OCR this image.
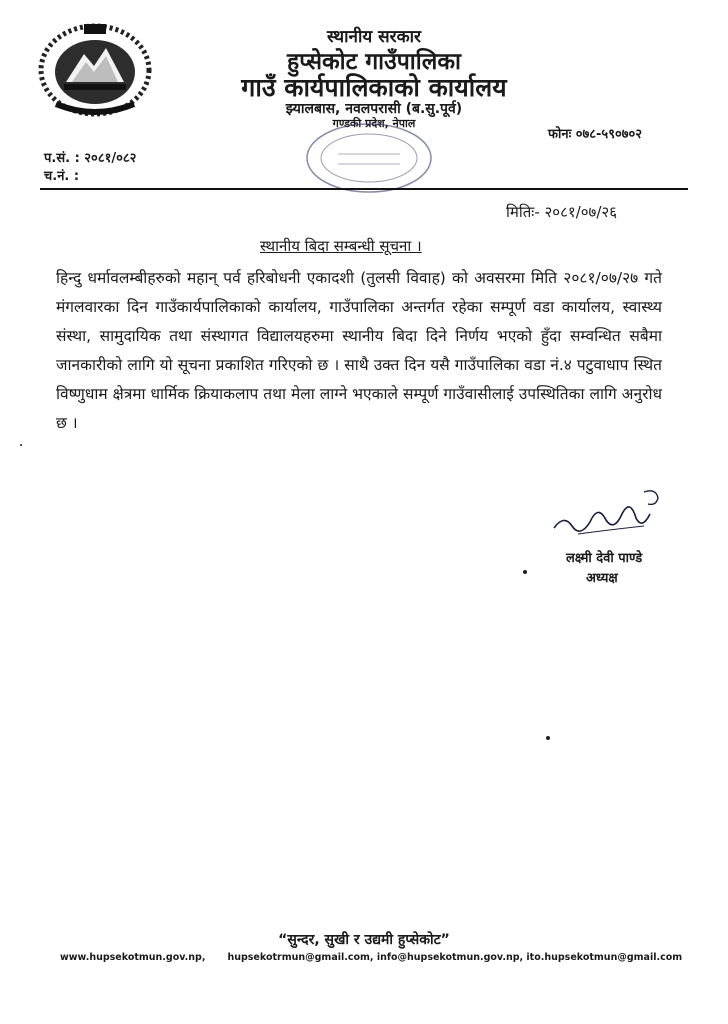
स्थानीय सरकार
हुप्सेकोट गाउँपालिका
गाउँ कार्यपालिकाको कार्यालय
झ्यालबास, नवलपरासी (ब.सु.पूर्व)
गण्डकी प्रदेश, नेपाल
फोनः ०७८-५९०७०२
प.सं. : २०८१/०८२
च.नं. :
मितिः- २०८१/०७/२६
स्थानीय बिदा सम्बन्धी सूचना ।
हिन्दु धर्मावलम्बीहरुको महान् पर्व हरिबोधनी एकादशी (तुलसी विवाह) को अवसरमा मिति २०८१/०७/२७ गते मंगलवारका दिन गाउँकार्यपालिकाको कार्यालय, गाउँपालिका अन्तर्गत रहेका सम्पूर्ण वडा कार्यालय, स्वास्थ्य संस्था, सामुदायिक तथा संस्थागत विद्यालयहरुमा स्थानीय बिदा दिने निर्णय भएको हुँदा सम्वन्धित सबैमा जानकारीको लागि यो सूचना प्रकाशित गरिएको छ । साथै उक्त दिन यसै गाउँपालिका वडा नं.४ पटुवाधाप स्थित विष्णुधाम क्षेत्रमा धार्मिक क्रियाकलाप तथा मेला लाग्ने भएकाले सम्पूर्ण गाउँवासीलाई उपस्थितिका लागि अनुरोध छ ।
लक्ष्मी देवी पाण्डे
अध्यक्ष
“सुन्दर, सुखी र उद्यमी हुप्सेकोट”
www.hupsekotmun.gov.np, hupsekotrmun@gmail.com, info@hupsekotmun.gov.np, ito.hupsekotmun@gmail.com
